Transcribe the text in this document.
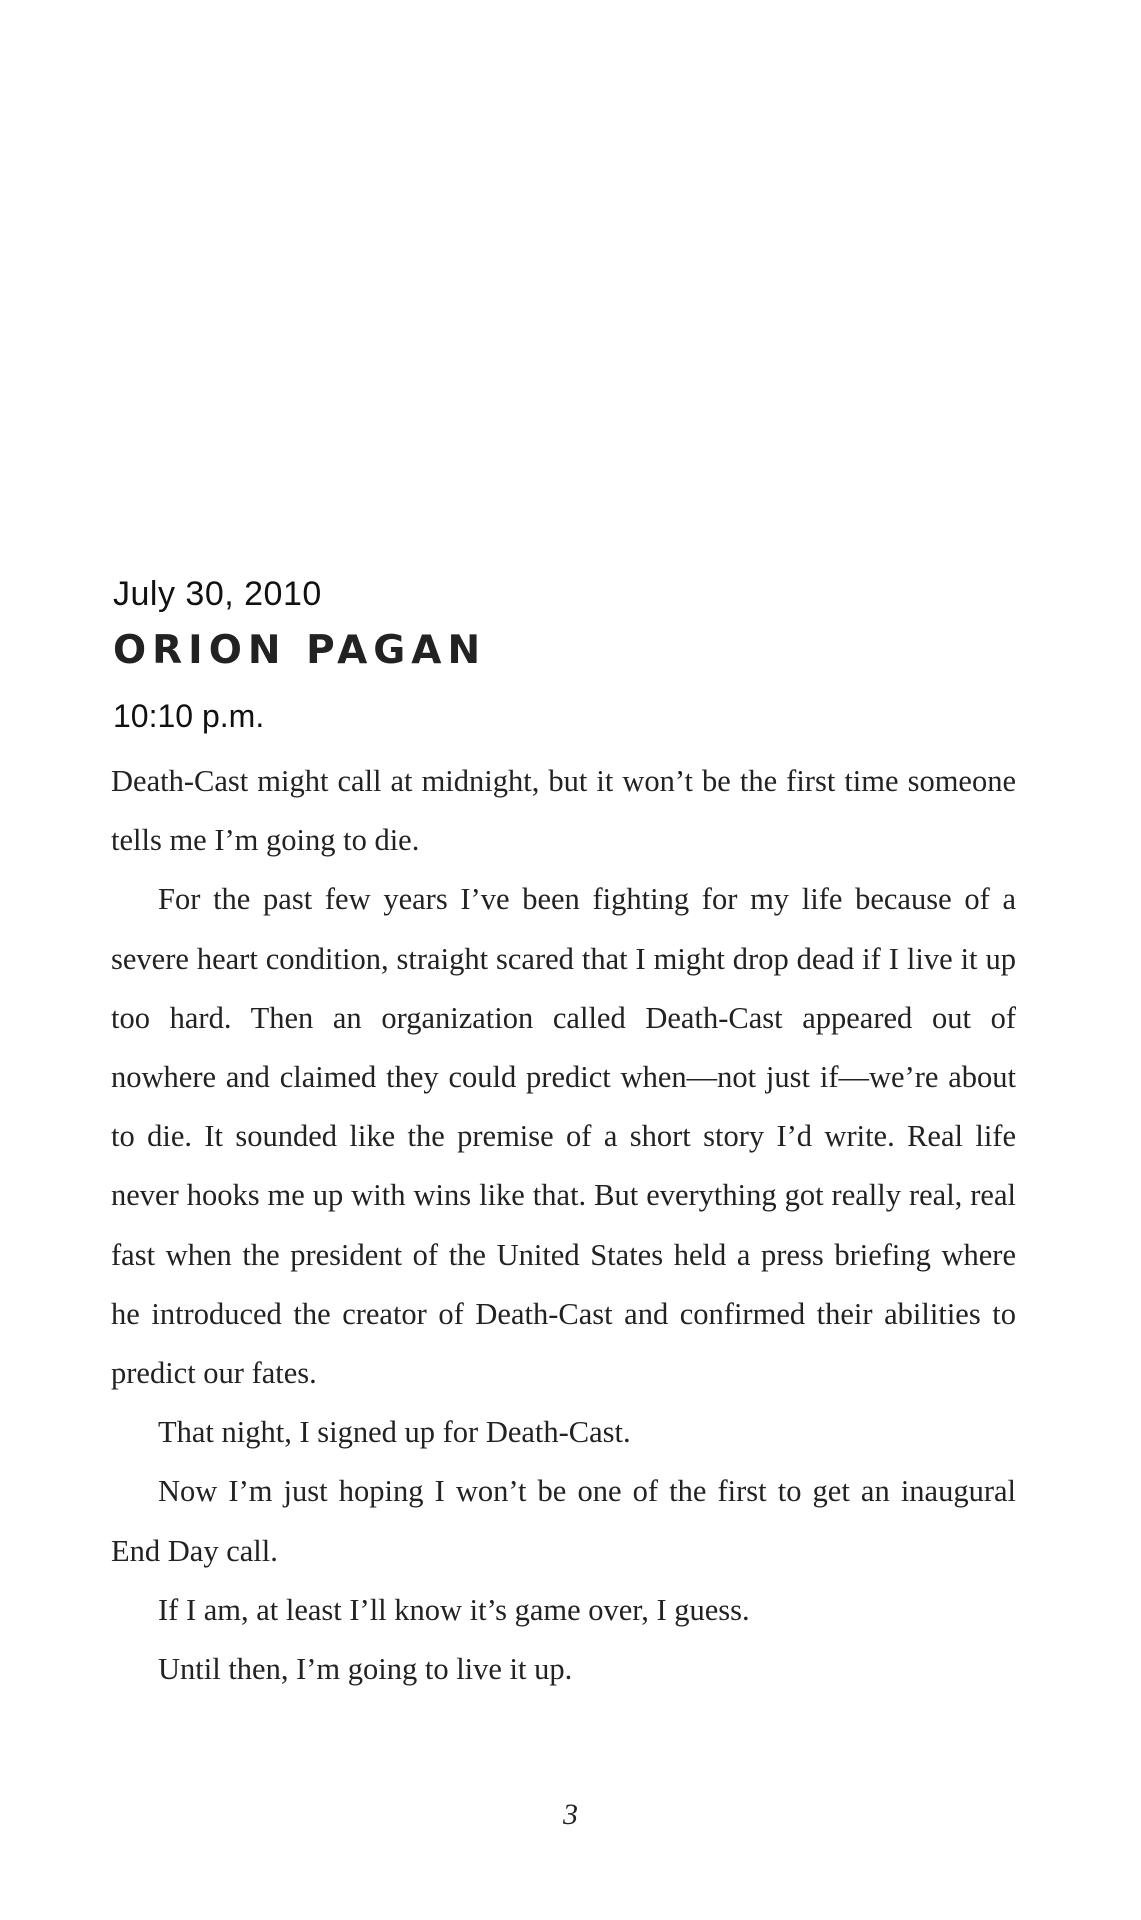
July 30, 2010
ORION PAGAN
10:10 p.m.

Death-Cast might call at midnight, but it won’t be the first time someone tells me I’m going to die.

For the past few years I’ve been fighting for my life because of a severe heart condition, straight scared that I might drop dead if I live it up too hard. Then an organization called Death-Cast appeared out of nowhere and claimed they could predict when—not just if—we’re about to die. It sounded like the premise of a short story I’d write. Real life never hooks me up with wins like that. But everything got really real, real fast when the president of the United States held a press briefing where he introduced the creator of Death-Cast and confirmed their abilities to predict our fates.

That night, I signed up for Death-Cast.

Now I’m just hoping I won’t be one of the first to get an inaugural End Day call.

If I am, at least I’ll know it’s game over, I guess.

Until then, I’m going to live it up.

3
